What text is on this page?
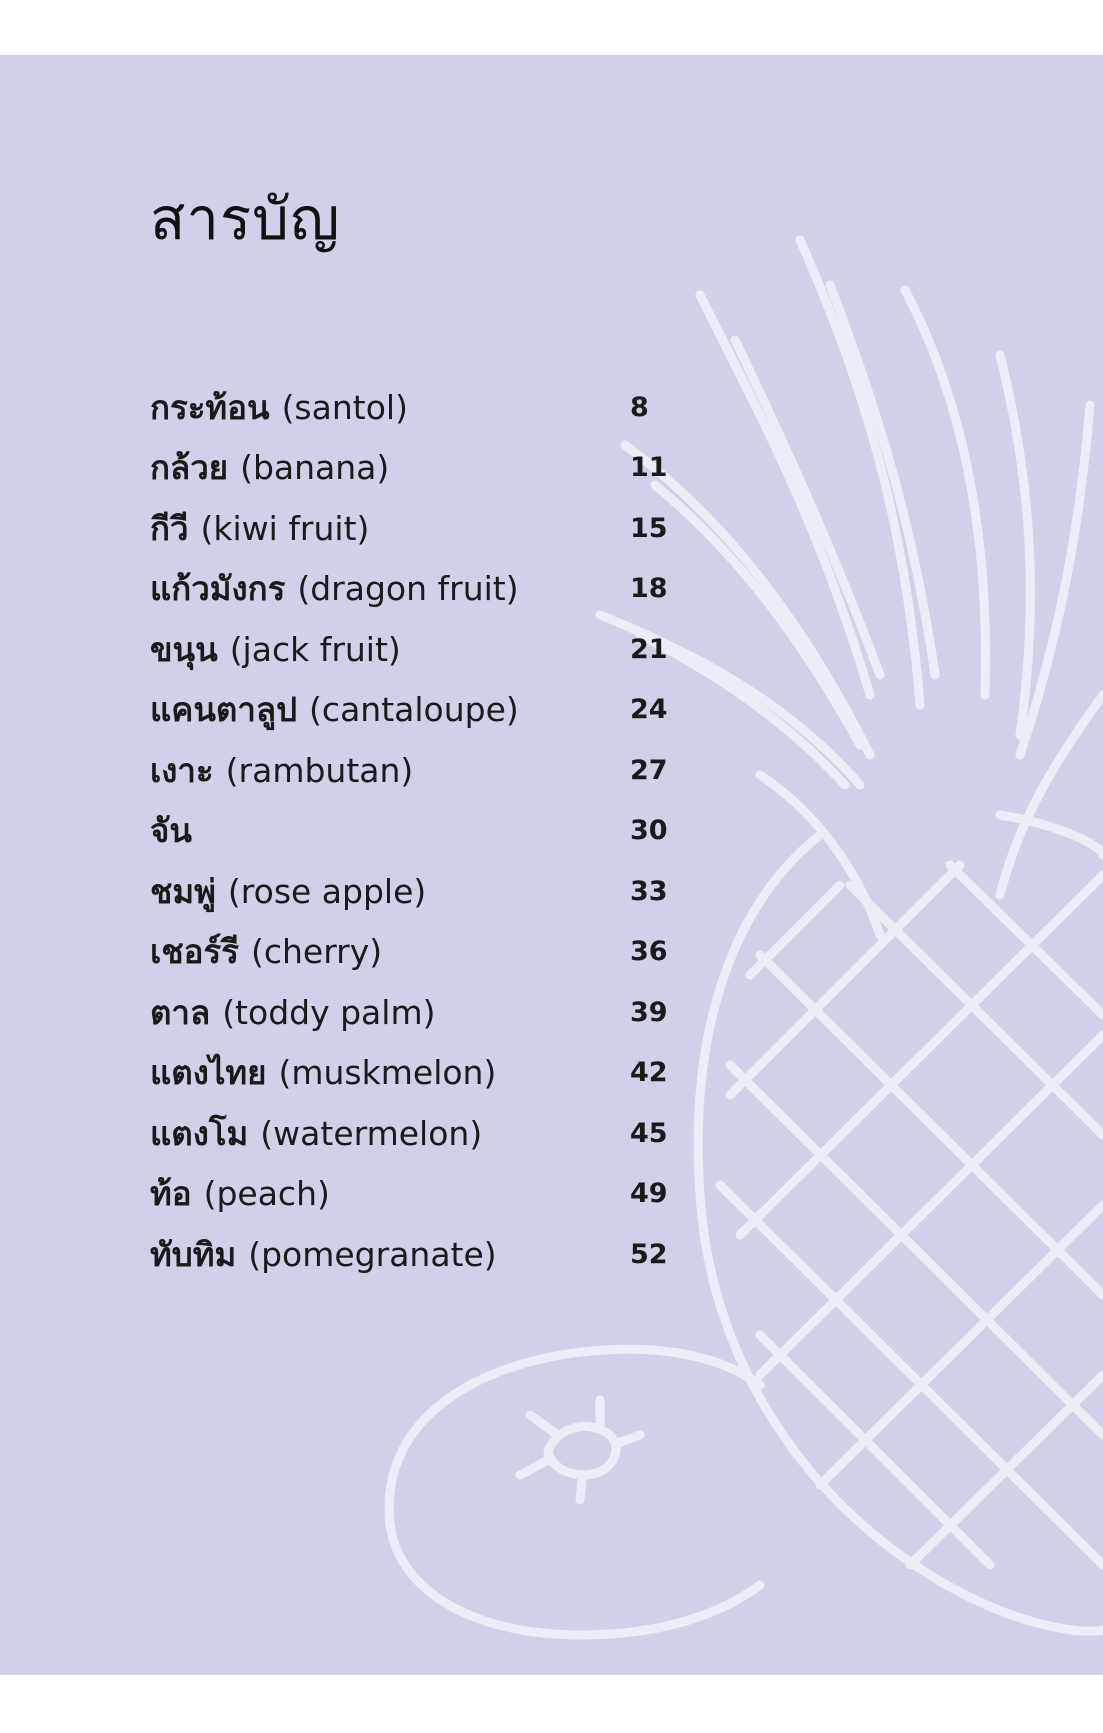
สารบัญ
กระท้อน (santol)	8
กล้วย (banana)	11
กีวี (kiwi fruit)	15
แก้วมังกร (dragon fruit)	18
ขนุน (jack fruit)	21
แคนตาลูป (cantaloupe)	24
เงาะ (rambutan)	27
จัน	30
ชมพู่ (rose apple)	33
เชอร์รี (cherry)	36
ตาล (toddy palm)	39
แตงไทย (muskmelon)	42
แตงโม (watermelon)	45
ท้อ (peach)	49
ทับทิม (pomegranate)	52
